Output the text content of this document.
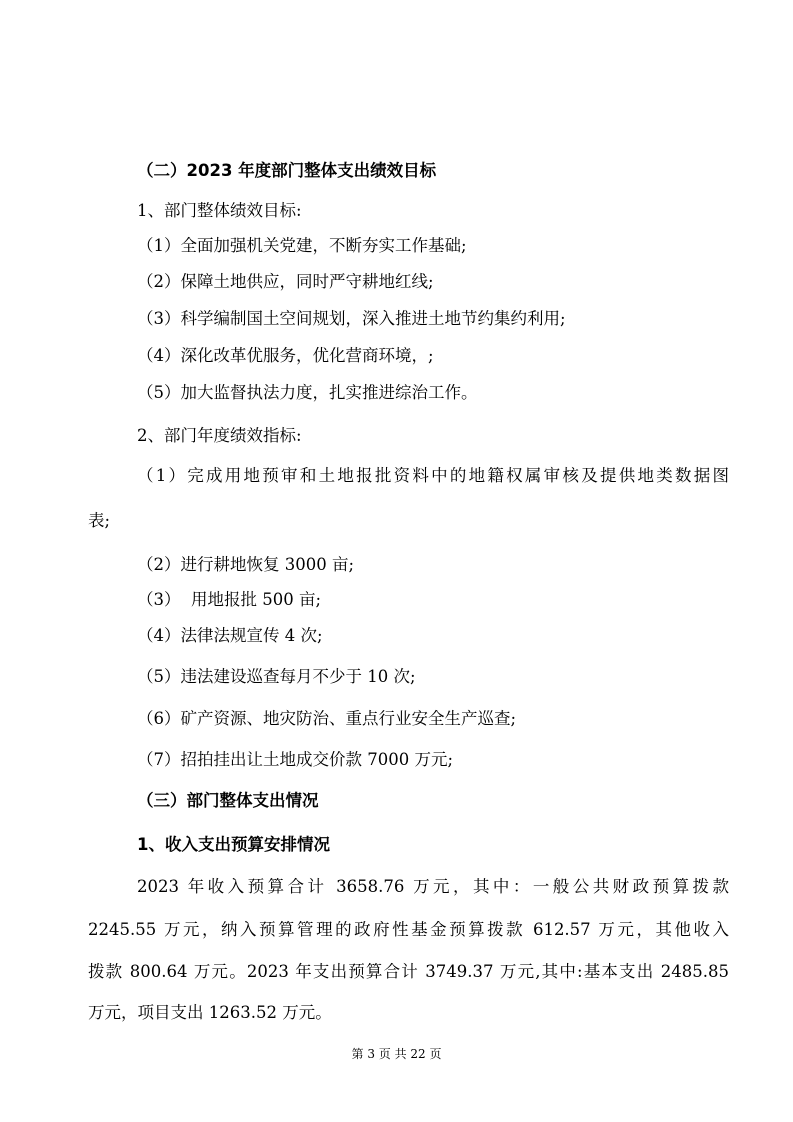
（二）2023 年度部门整体支出绩效目标
1、部门整体绩效目标:
（1）全面加强机关党建，不断夯实工作基础;
（2）保障土地供应，同时严守耕地红线;
（3）科学编制国土空间规划，深入推进土地节约集约利用;
（4）深化改革优服务，优化营商环境，;
（5）加大监督执法力度，扎实推进综治工作。
2、部门年度绩效指标:
（1）完成用地预审和土地报批资料中的地籍权属审核及提供地类数据图
表;
（2）进行耕地恢复 3000 亩;
（3）  用地报批 500 亩;
（4）法律法规宣传 4 次;
（5）违法建设巡查每月不少于 10 次;
（6）矿产资源、地灾防治、重点行业安全生产巡查;
（7）招拍挂出让土地成交价款 7000 万元;
（三）部门整体支出情况
1、收入支出预算安排情况
2023 年收入预算合计 3658.76 万元，其中：一般公共财政预算拨款
2245.55 万元，纳入预算管理的政府性基金预算拨款 612.57 万元，其他收入
拨款 800.64 万元。2023 年支出预算合计 3749.37 万元,其中:基本支出 2485.85
万元，项目支出 1263.52 万元。
第 3 页 共 22 页
